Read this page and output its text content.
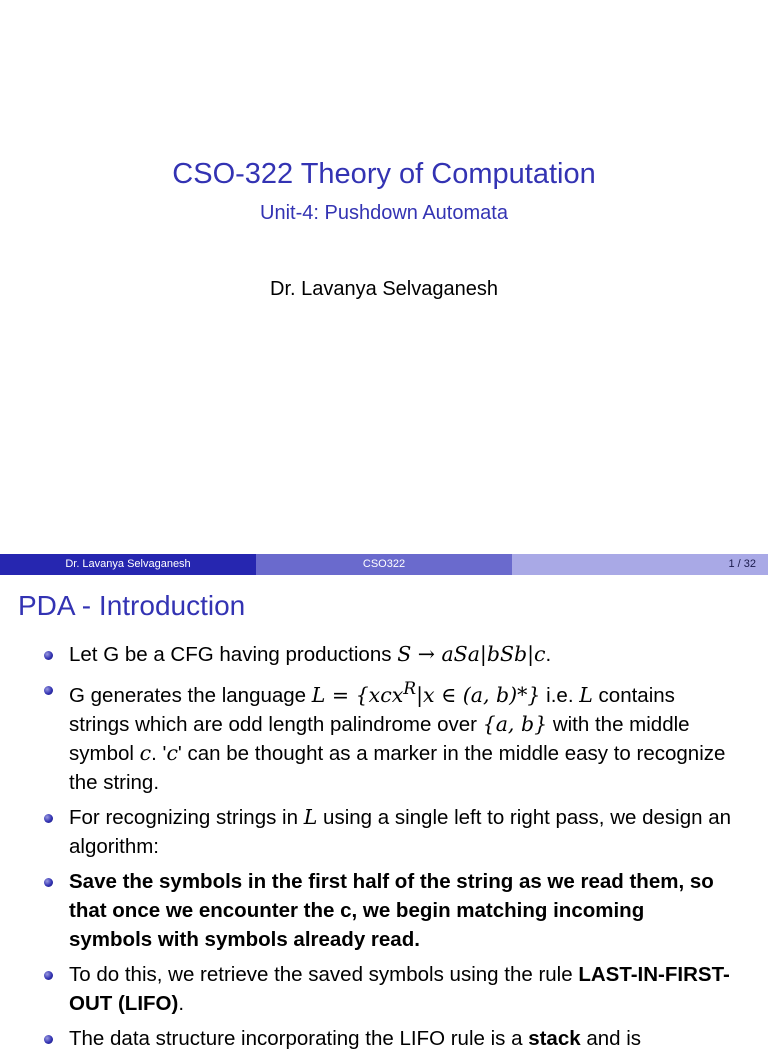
CSO-322 Theory of Computation
Unit-4: Pushdown Automata
Dr. Lavanya Selvaganesh
Dr. Lavanya Selvaganesh	CSO322	1 / 32
PDA - Introduction
Let G be a CFG having productions S → aSa|bSb|c.
G generates the language L = {xcx$^R$|x ∈ (a, b)*} i.e. L contains strings which are odd length palindrome over {a, b} with the middle symbol c. 'c' can be thought as a marker in the middle easy to recognize the string.
For recognizing strings in L using a single left to right pass, we design an algorithm:
Save the symbols in the first half of the string as we read them, so that once we encounter the c, we begin matching incoming symbols with symbols already read.
To do this, we retrieve the saved symbols using the rule LAST-IN-FIRST-OUT (LIFO).
The data structure incorporating the LIFO rule is a stack and is
